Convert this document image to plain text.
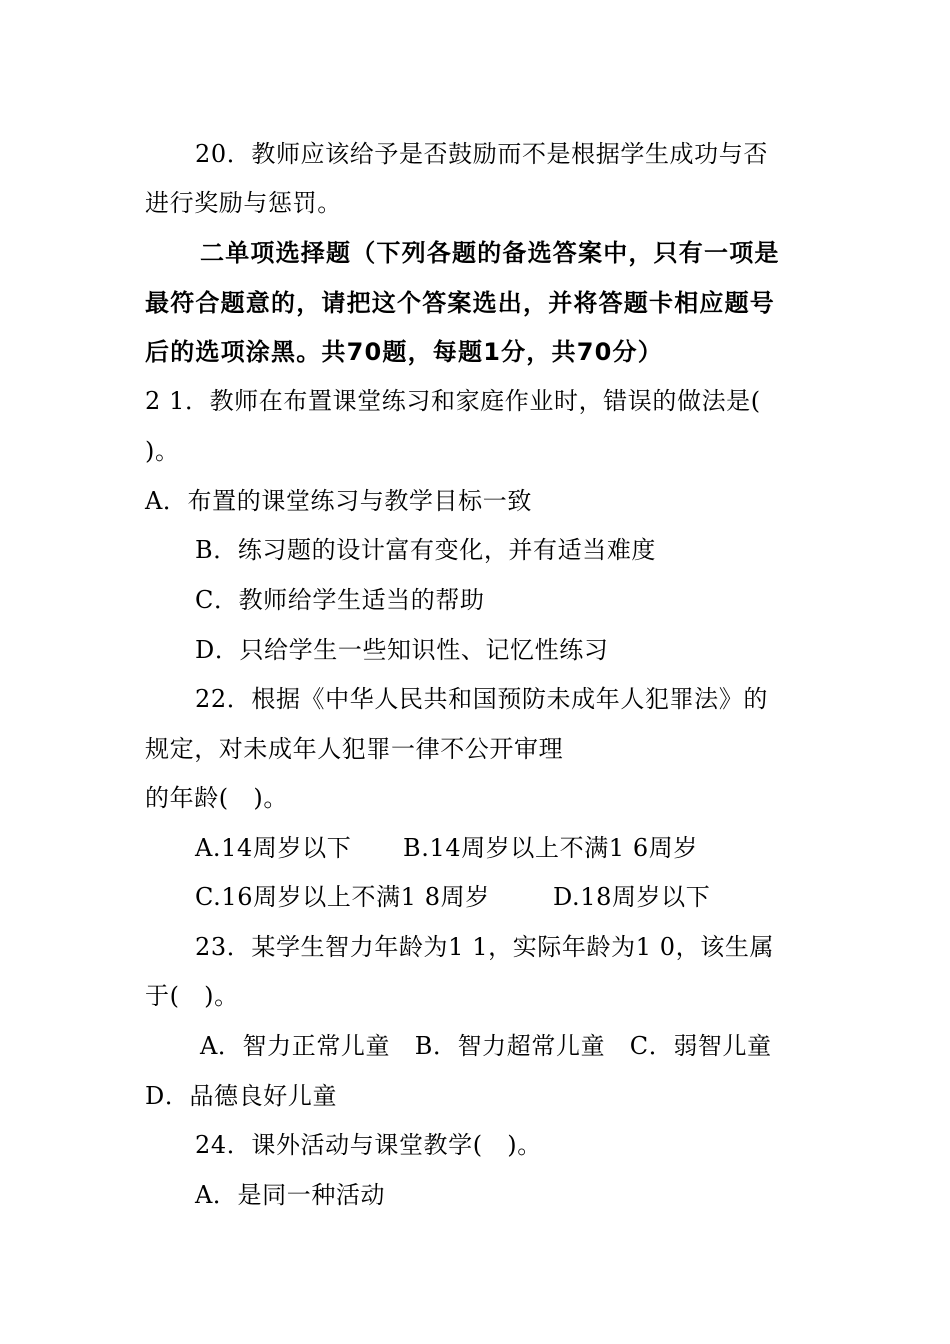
20．教师应该给予是否鼓励而不是根据学生成功与否
进行奖励与惩罚。
二单项选择题（下列各题的备选答案中，只有一项是
最符合题意的，请把这个答案选出，并将答题卡相应题号
后的选项涂黑。共70题，每题1分，共70分）
2 1．教师在布置课堂练习和家庭作业时，错误的做法是(
)。
A．布置的课堂练习与教学目标一致
B．练习题的设计富有变化，并有适当难度
C．教师给学生适当的帮助
D．只给学生一些知识性、记忆性练习
22．根据《中华人民共和国预防未成年人犯罪法》的
规定，对未成年人犯罪一律不公开审理
的年龄(　)。
A.14周岁以下 B.14周岁以上不满1 6周岁
C.16周岁以上不满1 8周岁	D.18周岁以下
23．某学生智力年龄为1 1，实际年龄为1 0，该生属
于(　)。
A．智力正常儿童　B．智力超常儿童　C．弱智儿童
D．品德良好儿童
24．课外活动与课堂教学(　)。
A．是同一种活动
